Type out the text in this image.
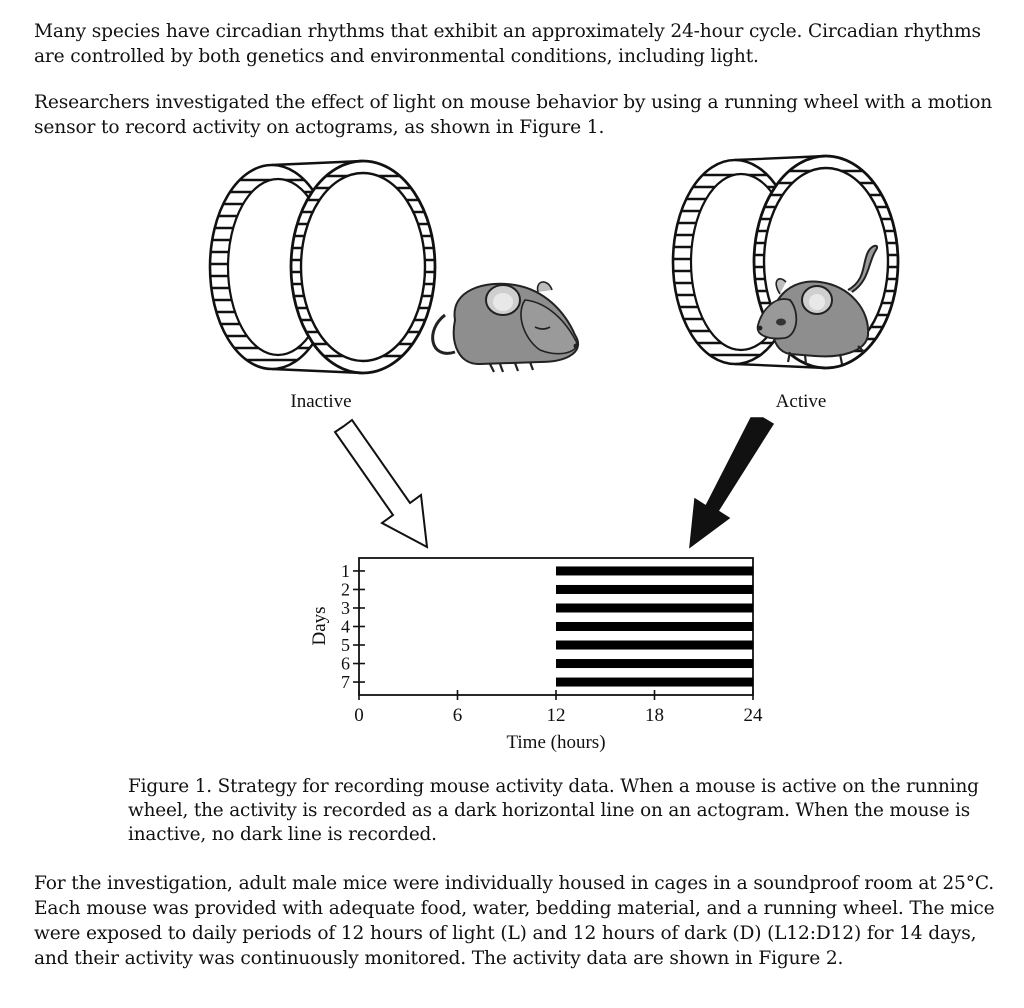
Many species have circadian rhythms that exhibit an approximately 24-hour cycle. Circadian rhythms are controlled by both genetics and environmental conditions, including light.

Researchers investigated the effect of light on mouse behavior by using a running wheel with a motion sensor to record activity on actograms, as shown in Figure 1.

Inactive	Active
0	6	12	18	24
1
2
3
4
5
6
7
Time (hours)
Days

Figure 1. Strategy for recording mouse activity data. When a mouse is active on the running wheel, the activity is recorded as a dark horizontal line on an actogram. When the mouse is inactive, no dark line is recorded.

For the investigation, adult male mice were individually housed in cages in a soundproof room at 25°C. Each mouse was provided with adequate food, water, bedding material, and a running wheel. The mice were exposed to daily periods of 12 hours of light (L) and 12 hours of dark (D) (L12:D12) for 14 days, and their activity was continuously monitored. The activity data are shown in Figure 2.
